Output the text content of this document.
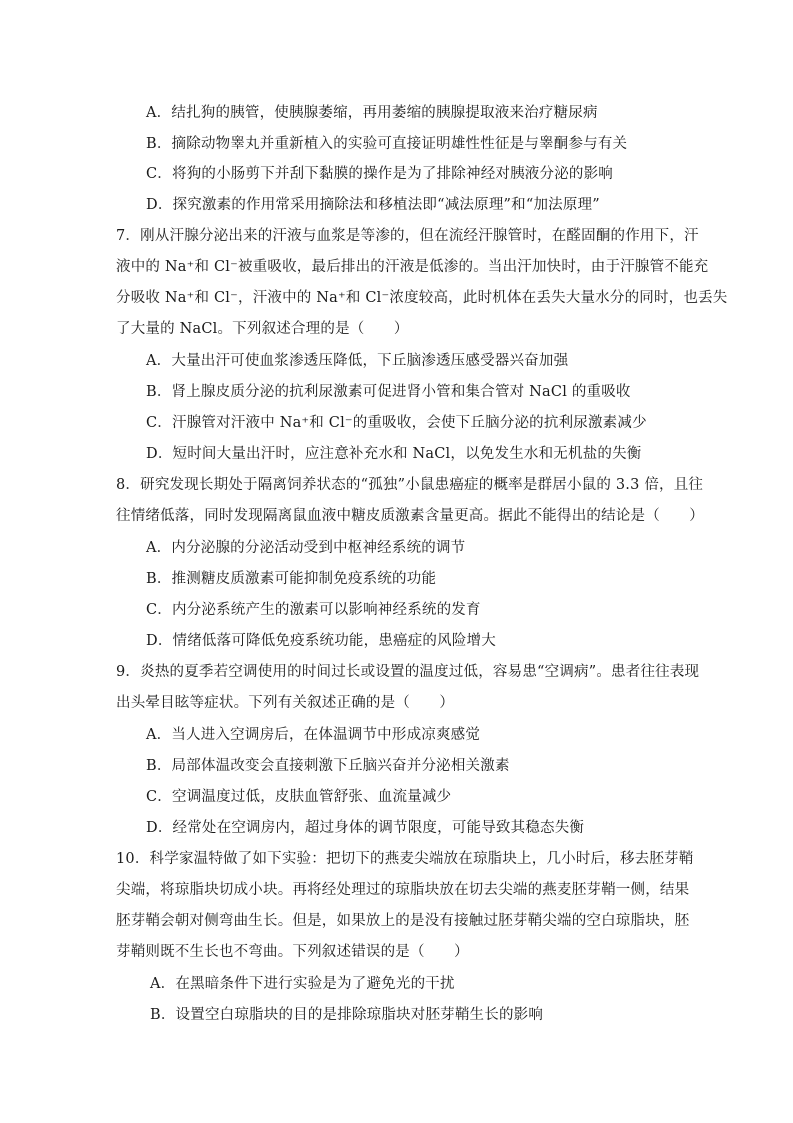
A．结扎狗的胰管，使胰腺萎缩，再用萎缩的胰腺提取液来治疗糖尿病
B．摘除动物睾丸并重新植入的实验可直接证明雄性性征是与睾酮参与有关
C．将狗的小肠剪下并刮下黏膜的操作是为了排除神经对胰液分泌的影响
D．探究激素的作用常采用摘除法和移植法即“减法原理”和“加法原理”
7．刚从汗腺分泌出来的汗液与血浆是等渗的，但在流经汗腺管时，在醛固酮的作用下，汗
液中的 Na⁺和 Cl⁻被重吸收，最后排出的汗液是低渗的。当出汗加快时，由于汗腺管不能充
分吸收 Na⁺和 Cl⁻，汗液中的 Na⁺和 Cl⁻浓度较高，此时机体在丢失大量水分的同时，也丢失
了大量的 NaCl。下列叙述合理的是（　　）
A．大量出汗可使血浆渗透压降低，下丘脑渗透压感受器兴奋加强
B．肾上腺皮质分泌的抗利尿激素可促进肾小管和集合管对 NaCl 的重吸收
C．汗腺管对汗液中 Na⁺和 Cl⁻的重吸收，会使下丘脑分泌的抗利尿激素减少
D．短时间大量出汗时，应注意补充水和 NaCl，以免发生水和无机盐的失衡
8．研究发现长期处于隔离饲养状态的“孤独”小鼠患癌症的概率是群居小鼠的 3.3 倍，且往
往情绪低落，同时发现隔离鼠血液中糖皮质激素含量更高。据此不能得出的结论是（　　）
A．内分泌腺的分泌活动受到中枢神经系统的调节
B．推测糖皮质激素可能抑制免疫系统的功能
C．内分泌系统产生的激素可以影响神经系统的发育
D．情绪低落可降低免疫系统功能，患癌症的风险增大
9．炎热的夏季若空调使用的时间过长或设置的温度过低，容易患“空调病”。患者往往表现
出头晕目眩等症状。下列有关叙述正确的是（　　）
A．当人进入空调房后，在体温调节中形成凉爽感觉
B．局部体温改变会直接刺激下丘脑兴奋并分泌相关激素
C．空调温度过低，皮肤血管舒张、血流量减少
D．经常处在空调房内，超过身体的调节限度，可能导致其稳态失衡
10．科学家温特做了如下实验：把切下的燕麦尖端放在琼脂块上，几小时后，移去胚芽鞘
尖端，将琼脂块切成小块。再将经处理过的琼脂块放在切去尖端的燕麦胚芽鞘一侧，结果
胚芽鞘会朝对侧弯曲生长。但是，如果放上的是没有接触过胚芽鞘尖端的空白琼脂块，胚
芽鞘则既不生长也不弯曲。下列叙述错误的是（　　）
A．在黑暗条件下进行实验是为了避免光的干扰
B．设置空白琼脂块的目的是排除琼脂块对胚芽鞘生长的影响
